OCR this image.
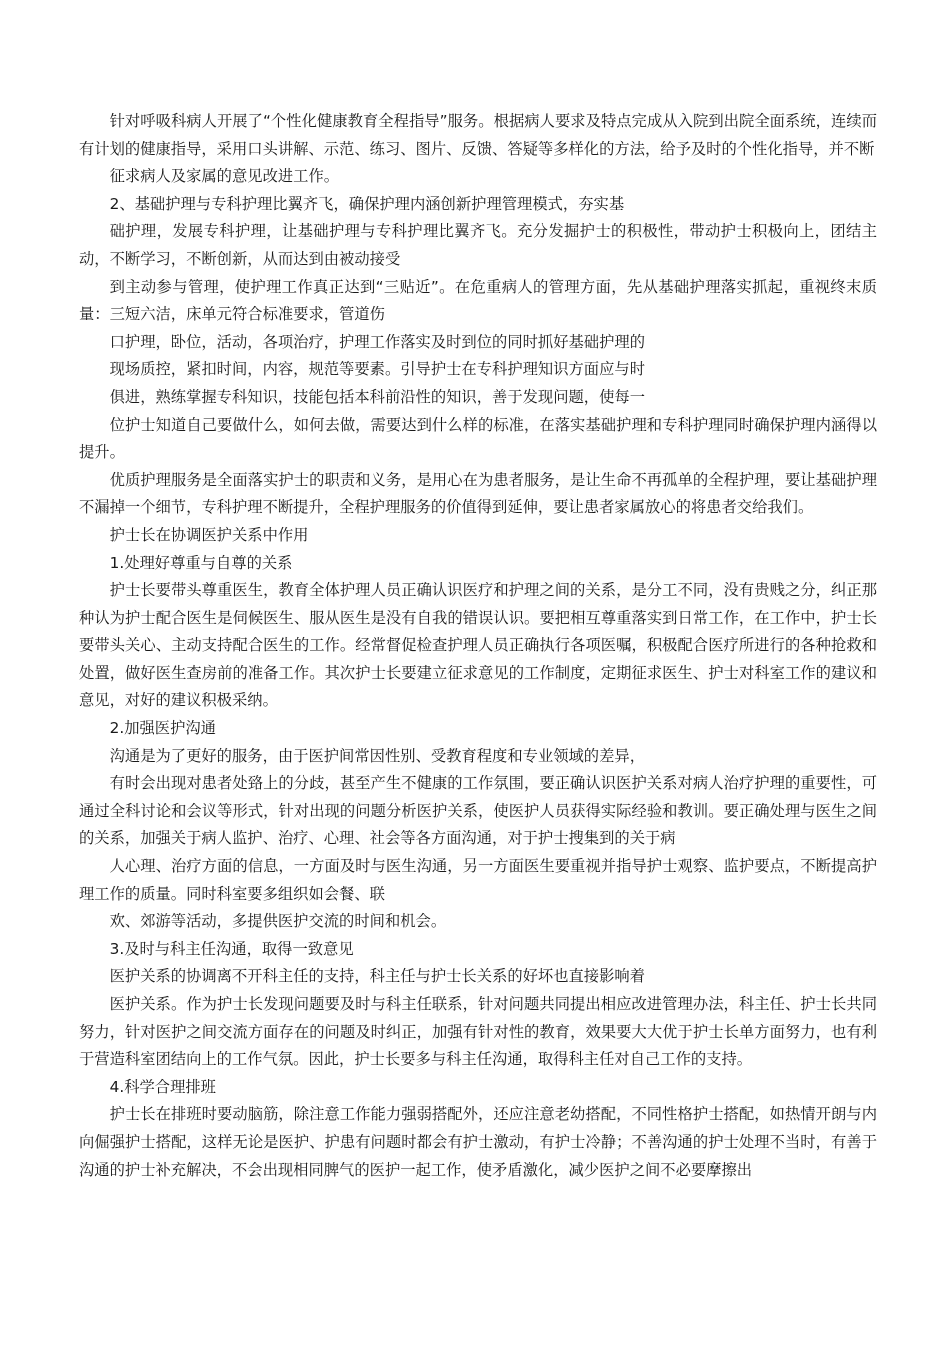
针对呼吸科病人开展了“个性化健康教育全程指导”服务。根据病人要求及特点完成从入院到出院全面系统，连续而有计划的健康指导，采用口头讲解、示范、练习、图片、反馈、答疑等多样化的方法，给予及时的个性化指导，并不断

征求病人及家属的意见改进工作。

2、基础护理与专科护理比翼齐飞，确保护理内涵创新护理管理模式，夯实基

础护理，发展专科护理，让基础护理与专科护理比翼齐飞。充分发掘护士的积极性，带动护士积极向上，团结主动，不断学习，不断创新，从而达到由被动接受

到主动参与管理，使护理工作真正达到“三贴近”。在危重病人的管理方面，先从基础护理落实抓起，重视终末质量：三短六洁，床单元符合标准要求，管道伤

口护理，卧位，活动，各项治疗，护理工作落实及时到位的同时抓好基础护理的

现场质控，紧扣时间，内容，规范等要素。引导护士在专科护理知识方面应与时

俱进，熟练掌握专科知识，技能包括本科前沿性的知识，善于发现问题，使每一

位护士知道自己要做什么，如何去做，需要达到什么样的标准，在落实基础护理和专科护理同时确保护理内涵得以提升。

优质护理服务是全面落实护士的职责和义务，是用心在为患者服务，是让生命不再孤单的全程护理，要让基础护理不漏掉一个细节，专科护理不断提升，全程护理服务的价值得到延伸，要让患者家属放心的将患者交给我们。

护士长在协调医护关系中作用

1.处理好尊重与自尊的关系

护士长要带头尊重医生，教育全体护理人员正确认识医疗和护理之间的关系，是分工不同，没有贵贱之分，纠正那种认为护士配合医生是伺候医生、服从医生是没有自我的错误认识。要把相互尊重落实到日常工作，在工作中，护士长要带头关心、主动支持配合医生的工作。经常督促检查护理人员正确执行各项医嘱，积极配合医疗所进行的各种抢救和处置，做好医生查房前的准备工作。其次护士长要建立征求意见的工作制度，定期征求医生、护士对科室工作的建议和意见，对好的建议积极采纳。

2.加强医护沟通

沟通是为了更好的服务，由于医护间常因性别、受教育程度和专业领域的差异，

有时会出现对患者处臵上的分歧，甚至产生不健康的工作氛围，要正确认识医护关系对病人治疗护理的重要性，可通过全科讨论和会议等形式，针对出现的问题分析医护关系，使医护人员获得实际经验和教训。要正确处理与医生之间的关系，加强关于病人监护、治疗、心理、社会等各方面沟通，对于护士搜集到的关于病

人心理、治疗方面的信息，一方面及时与医生沟通，另一方面医生要重视并指导护士观察、监护要点，不断提高护理工作的质量。同时科室要多组织如会餐、联

欢、郊游等活动，多提供医护交流的时间和机会。

3.及时与科主任沟通，取得一致意见

医护关系的协调离不开科主任的支持，科主任与护士长关系的好坏也直接影响着

医护关系。作为护士长发现问题要及时与科主任联系，针对问题共同提出相应改进管理办法，科主任、护士长共同努力，针对医护之间交流方面存在的问题及时纠正，加强有针对性的教育，效果要大大优于护士长单方面努力，也有利于营造科室团结向上的工作气氛。因此，护士长要多与科主任沟通，取得科主任对自己工作的支持。

4.科学合理排班

护士长在排班时要动脑筋，除注意工作能力强弱搭配外，还应注意老幼搭配，不同性格护士搭配，如热情开朗与内向倔强护士搭配，这样无论是医护、护患有问题时都会有护士激动，有护士冷静；不善沟通的护士处理不当时，有善于沟通的护士补充解决，不会出现相同脾气的医护一起工作，使矛盾激化，减少医护之间不必要摩擦出
